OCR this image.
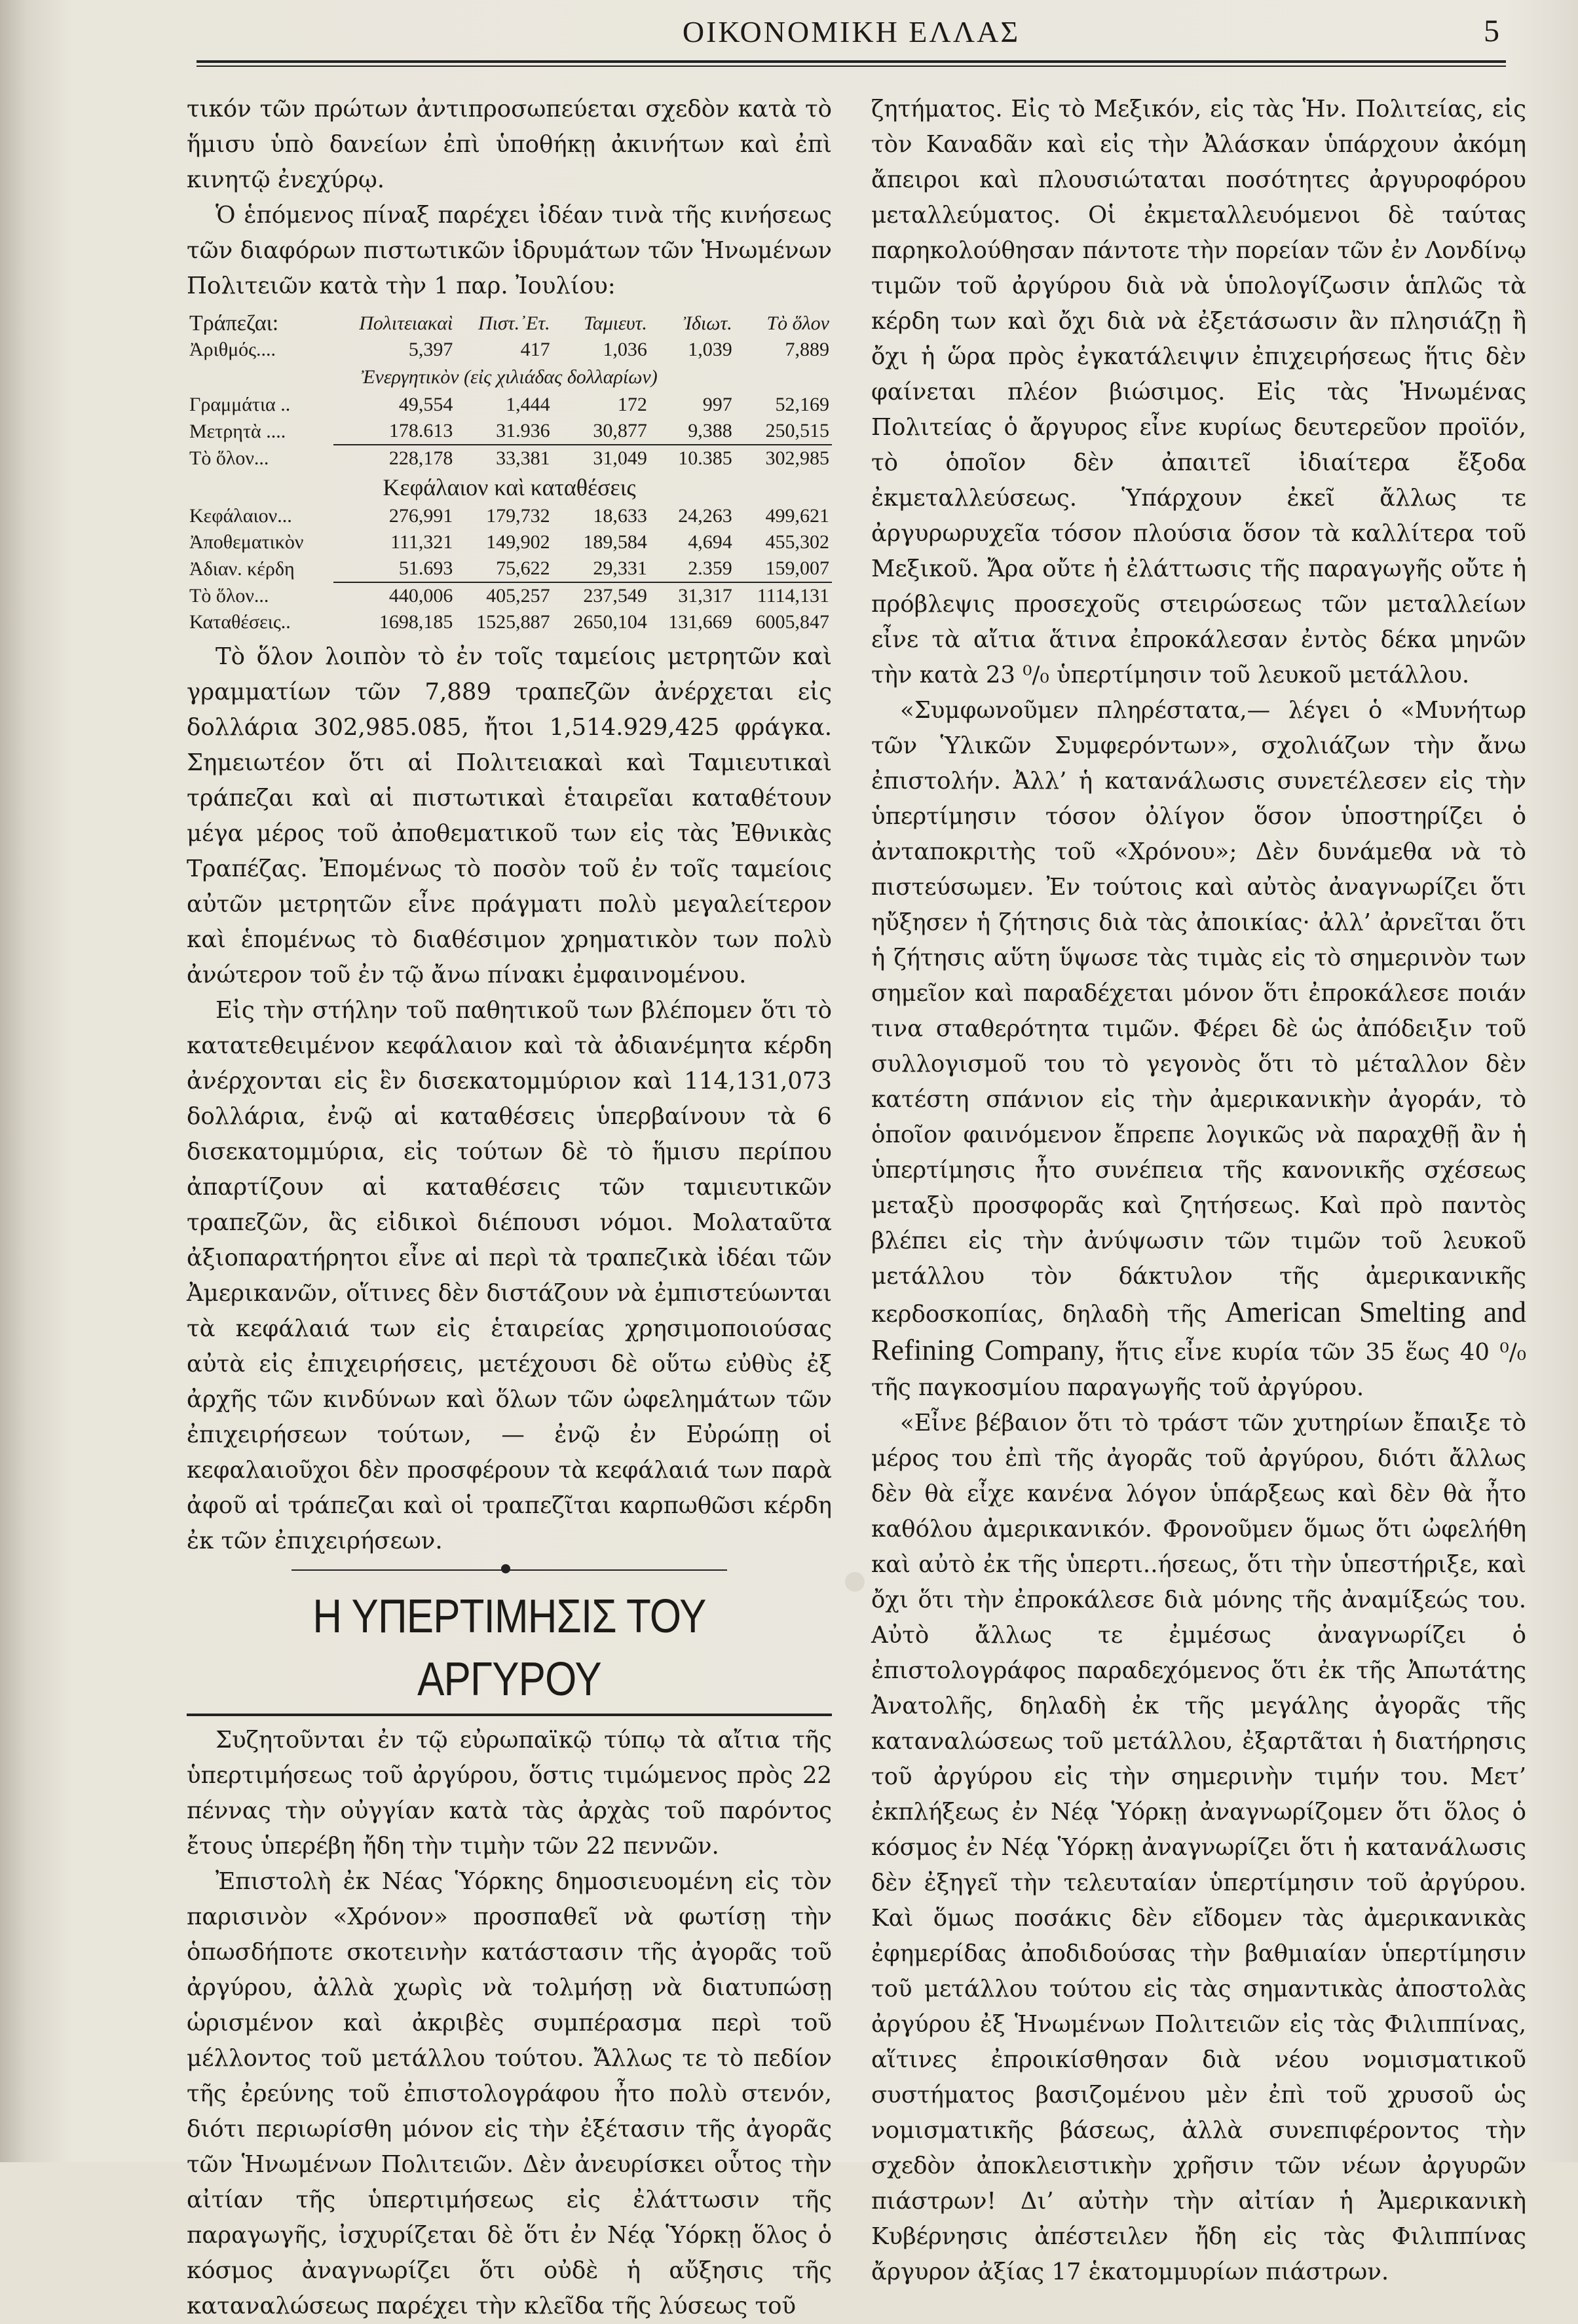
ΟΙΚΟΝΟΜΙΚΗ ΕΛΛΑΣ	5

τικόν τῶν πρώτων ἀντιπροσωπεύεται σχεδὸν κατὰ τὸ ἥμισυ ὑπὸ δανείων ἐπὶ ὑποθήκῃ ἀκινήτων καὶ ἐπὶ κινητῷ ἐνεχύρῳ.

Ὁ ἑπόμενος πίναξ παρέχει ἰδέαν τινὰ τῆς κινήσεως τῶν διαφόρων πιστωτικῶν ἱδρυμάτων τῶν Ἡνωμένων Πολιτειῶν κατὰ τὴν 1 παρ. Ἰουλίου:

Τράπεζαι:	Πολιτειακαὶ	Πιστ.᾿Ετ.	Ταμιευτ.	Ἰδιωτ.	Τὸ ὅλον
Ἀριθμός....	5,397	417	1,036	1,039	7,889
Ἐνεργητικὸν (εἰς χιλιάδας δολλαρίων)					
Γραμμάτια ..	49,554	1,444	172	997	52,169
Μετρητὰ ....	178.613	31.936	30,877	9,388	250,515
Τὸ ὅλον...	228,178	33,381	31,049	10.385	302,985
Κεφάλαιον καὶ καταθέσεις					
Κεφάλαιον...	276,991	179,732	18,633	24,263	499,621
Ἀποθεματικὸν	111,321	149,902	189,584	4,694	455,302
Ἀδιαν. κέρδη	51.693	75,622	29,331	2.359	159,007
Τὸ ὅλον...	440,006	405,257	237,549	31,317	1114,131
Καταθέσεις..	1698,185	1525,887	2650,104	131,669	6005,847

Τὸ ὅλον λοιπὸν τὸ ἐν τοῖς ταμείοις μετρητῶν καὶ γραμματίων τῶν 7,889 τραπεζῶν ἀνέρχεται εἰς δολλάρια 302,985.085, ἤτοι 1,514.929,425 φράγκα. Σημειωτέον ὅτι αἱ Πολιτειακαὶ καὶ Ταμιευτικαὶ τράπεζαι καὶ αἱ πιστωτικαὶ ἑταιρεῖαι καταθέτουν μέγα μέρος τοῦ ἀποθεματικοῦ των εἰς τὰς Ἐθνικὰς Τραπέζας. Ἐπομένως τὸ ποσὸν τοῦ ἐν τοῖς ταμείοις αὐτῶν μετρητῶν εἶνε πράγματι πολὺ μεγαλείτερον καὶ ἑπομένως τὸ διαθέσιμον χρηματικὸν των πολὺ ἀνώτερον τοῦ ἐν τῷ ἄνω πίνακι ἐμφαινομένου.

Εἰς τὴν στήλην τοῦ παθητικοῦ των βλέπομεν ὅτι τὸ κατατεθειμένον κεφάλαιον καὶ τὰ ἀδιανέμητα κέρδη ἀνέρχονται εἰς ἓν δισεκατομμύριον καὶ 114,131,073 δολλάρια, ἐνῷ αἱ καταθέσεις ὑπερβαίνουν τὰ 6 δισεκατομμύρια, εἰς τούτων δὲ τὸ ἥμισυ περίπου ἀπαρτίζουν αἱ καταθέσεις τῶν ταμιευτικῶν τραπεζῶν, ἃς εἰδικοὶ διέπουσι νόμοι. Μολαταῦτα ἀξιοπαρατήρητοι εἶνε αἱ περὶ τὰ τραπεζικὰ ἰδέαι τῶν Ἀμερικανῶν, οἵτινες δὲν διστάζουν νὰ ἐμπιστεύωνται τὰ κεφάλαιά των εἰς ἑταιρείας χρησιμοποιούσας αὐτὰ εἰς ἐπιχειρήσεις, μετέχουσι δὲ οὕτω εὐθὺς ἐξ ἀρχῆς τῶν κινδύνων καὶ ὅλων τῶν ὠφελημάτων τῶν ἐπιχειρήσεων τούτων, — ἐνῷ ἐν Εὐρώπῃ οἱ κεφαλαιοῦχοι δὲν προσφέρουν τὰ κεφάλαιά των παρὰ ἀφοῦ αἱ τράπεζαι καὶ οἱ τραπεζῖται καρπωθῶσι κέρδη ἐκ τῶν ἐπιχειρήσεων.

Η ΥΠΕΡΤΙΜΗΣΙΣ ΤΟΥ ΑΡΓΥΡΟΥ

Συζητοῦνται ἐν τῷ εὐρωπαϊκῷ τύπῳ τὰ αἴτια τῆς ὑπερτιμήσεως τοῦ ἀργύρου, ὅστις τιμώμενος πρὸς 22 πέννας τὴν οὐγγίαν κατὰ τὰς ἀρχὰς τοῦ παρόντος ἔτους ὑπερέβη ἤδη τὴν τιμὴν τῶν 22 πεννῶν.

Ἐπιστολὴ ἐκ Νέας Ὑόρκης δημοσιευομένη εἰς τὸν παρισινὸν «Χρόνον» προσπαθεῖ νὰ φωτίσῃ τὴν ὁπωσδήποτε σκοτεινὴν κατάστασιν τῆς ἀγορᾶς τοῦ ἀργύρου, ἀλλὰ χωρὶς νὰ τολμήσῃ νὰ διατυπώσῃ ὡρισμένον καὶ ἀκριβὲς συμπέρασμα περὶ τοῦ μέλλοντος τοῦ μετάλλου τούτου. Ἄλλως τε τὸ πεδίον τῆς ἐρεύνης τοῦ ἐπιστολογράφου ἦτο πολὺ στενόν, διότι περιωρίσθη μόνον εἰς τὴν ἐξέτασιν τῆς ἀγορᾶς τῶν Ἡνωμένων Πολιτειῶν. Δὲν ἀνευρίσκει οὗτος τὴν αἰτίαν τῆς ὑπερτιμήσεως εἰς ἐλάττωσιν τῆς παραγωγῆς, ἰσχυρίζεται δὲ ὅτι ἐν Νέᾳ Ὑόρκῃ ὅλος ὁ κόσμος ἀναγνωρίζει ὅτι οὐδὲ ἡ αὔξησις τῆς καταναλώσεως παρέχει τὴν κλεῖδα τῆς λύσεως τοῦ

ζητήματος. Εἰς τὸ Μεξικόν, εἰς τὰς Ἡν. Πολιτείας, εἰς τὸν Καναδᾶν καὶ εἰς τὴν Ἀλάσκαν ὑπάρχουν ἀκόμη ἄπειροι καὶ πλουσιώταται ποσότητες ἀργυροφόρου μεταλλεύματος. Οἱ ἐκμεταλλευόμενοι δὲ ταύτας παρηκολούθησαν πάντοτε τὴν πορείαν τῶν ἐν Λονδίνῳ τιμῶν τοῦ ἀργύρου διὰ νὰ ὑπολογίζωσιν ἁπλῶς τὰ κέρδη των καὶ ὄχι διὰ νὰ ἐξετάσωσιν ἂν πλησιάζῃ ἢ ὄχι ἡ ὥρα πρὸς ἐγκατάλειψιν ἐπιχειρήσεως ἥτις δὲν φαίνεται πλέον βιώσιμος. Εἰς τὰς Ἡνωμένας Πολιτείας ὁ ἄργυρος εἶνε κυρίως δευτερεῦον προϊόν, τὸ ὁποῖον δὲν ἀπαιτεῖ ἰδιαίτερα ἔξοδα ἐκμεταλλεύσεως. Ὑπάρχουν ἐκεῖ ἄλλως τε ἀργυρωρυχεῖα τόσον πλούσια ὅσον τὰ καλλίτερα τοῦ Μεξικοῦ. Ἄρα οὔτε ἡ ἐλάττωσις τῆς παραγωγῆς οὔτε ἡ πρόβλεψις προσεχοῦς στειρώσεως τῶν μεταλλείων εἶνε τὰ αἴτια ἅτινα ἐπροκάλεσαν ἐντὸς δέκα μηνῶν τὴν κατὰ 23 ⁰/₀ ὑπερτίμησιν τοῦ λευκοῦ μετάλλου.

«Συμφωνοῦμεν πληρέστατα,— λέγει ὁ «Μυνήτωρ τῶν Ὑλικῶν Συμφερόντων», σχολιάζων τὴν ἄνω ἐπιστολήν. Ἀλλ’ ἡ κατανάλωσις συνετέλεσεν εἰς τὴν ὑπερτίμησιν τόσον ὀλίγον ὅσον ὑποστηρίζει ὁ ἀνταποκριτὴς τοῦ «Χρόνου»; Δὲν δυνάμεθα νὰ τὸ πιστεύσωμεν. Ἐν τούτοις καὶ αὐτὸς ἀναγνωρίζει ὅτι ηὔξησεν ἡ ζήτησις διὰ τὰς ἀποικίας· ἀλλ’ ἀρνεῖται ὅτι ἡ ζήτησις αὕτη ὕψωσε τὰς τιμὰς εἰς τὸ σημερινὸν των σημεῖον καὶ παραδέχεται μόνον ὅτι ἐπροκάλεσε ποιάν τινα σταθερότητα τιμῶν. Φέρει δὲ ὡς ἀπόδειξιν τοῦ συλλογισμοῦ του τὸ γεγονὸς ὅτι τὸ μέταλλον δὲν κατέστη σπάνιον εἰς τὴν ἀμερικανικὴν ἀγοράν, τὸ ὁποῖον φαινόμενον ἔπρεπε λογικῶς νὰ παραχθῇ ἂν ἡ ὑπερτίμησις ἦτο συνέπεια τῆς κανονικῆς σχέσεως μεταξὺ προσφορᾶς καὶ ζητήσεως. Καὶ πρὸ παντὸς βλέπει εἰς τὴν ἀνύψωσιν τῶν τιμῶν τοῦ λευκοῦ μετάλλου τὸν δάκτυλον τῆς ἀμερικανικῆς κερδοσκοπίας, δηλαδὴ τῆς American Smelting and Refining Company, ἥτις εἶνε κυρία τῶν 35 ἕως 40 ⁰/₀ τῆς παγκοσμίου παραγωγῆς τοῦ ἀργύρου.

«Εἶνε βέβαιον ὅτι τὸ τράστ τῶν χυτηρίων ἔπαιξε τὸ μέρος του ἐπὶ τῆς ἀγορᾶς τοῦ ἀργύρου, διότι ἄλλως δὲν θὰ εἶχε κανένα λόγον ὑπάρξεως καὶ δὲν θὰ ἦτο καθόλου ἀμερικανικόν. Φρονοῦμεν ὅμως ὅτι ὠφελήθη καὶ αὐτὸ ἐκ τῆς ὑπερτι..ήσεως, ὅτι τὴν ὑπεστήριξε, καὶ ὄχι ὅτι τὴν ἐπροκάλεσε διὰ μόνης τῆς ἀναμίξεώς του. Αὐτὸ ἄλλως τε ἐμμέσως ἀναγνωρίζει ὁ ἐπιστολογράφος παραδεχόμενος ὅτι ἐκ τῆς Ἀπωτάτης Ἀνατολῆς, δηλαδὴ ἐκ τῆς μεγάλης ἀγορᾶς τῆς καταναλώσεως τοῦ μετάλλου, ἐξαρτᾶται ἡ διατήρησις τοῦ ἀργύρου εἰς τὴν σημερινὴν τιμήν του. Μετ’ ἐκπλήξεως ἐν Νέᾳ Ὑόρκῃ ἀναγνωρίζομεν ὅτι ὅλος ὁ κόσμος ἐν Νέᾳ Ὑόρκῃ ἀναγνωρίζει ὅτι ἡ κατανάλωσις δὲν ἐξηγεῖ τὴν τελευταίαν ὑπερτίμησιν τοῦ ἀργύρου. Καὶ ὅμως ποσάκις δὲν εἴδομεν τὰς ἀμερικανικὰς ἐφημερίδας ἀποδιδούσας τὴν βαθμιαίαν ὑπερτίμησιν τοῦ μετάλλου τούτου εἰς τὰς σημαντικὰς ἀποστολὰς ἀργύρου ἐξ Ἡνωμένων Πολιτειῶν εἰς τὰς Φιλιππίνας, αἵτινες ἐπροικίσθησαν διὰ νέου νομισματικοῦ συστήματος βασιζομένου μὲν ἐπὶ τοῦ χρυσοῦ ὡς νομισματικῆς βάσεως, ἀλλὰ συνεπιφέροντος τὴν σχεδὸν ἀποκλειστικὴν χρῆσιν τῶν νέων ἀργυρῶν πιάστρων! Δι’ αὐτὴν τὴν αἰτίαν ἡ Ἀμερικανικὴ Κυβέρνησις ἀπέστειλεν ἤδη εἰς τὰς Φιλιππίνας ἄργυρον ἀξίας 17 ἑκατομμυρίων πιάστρων.
